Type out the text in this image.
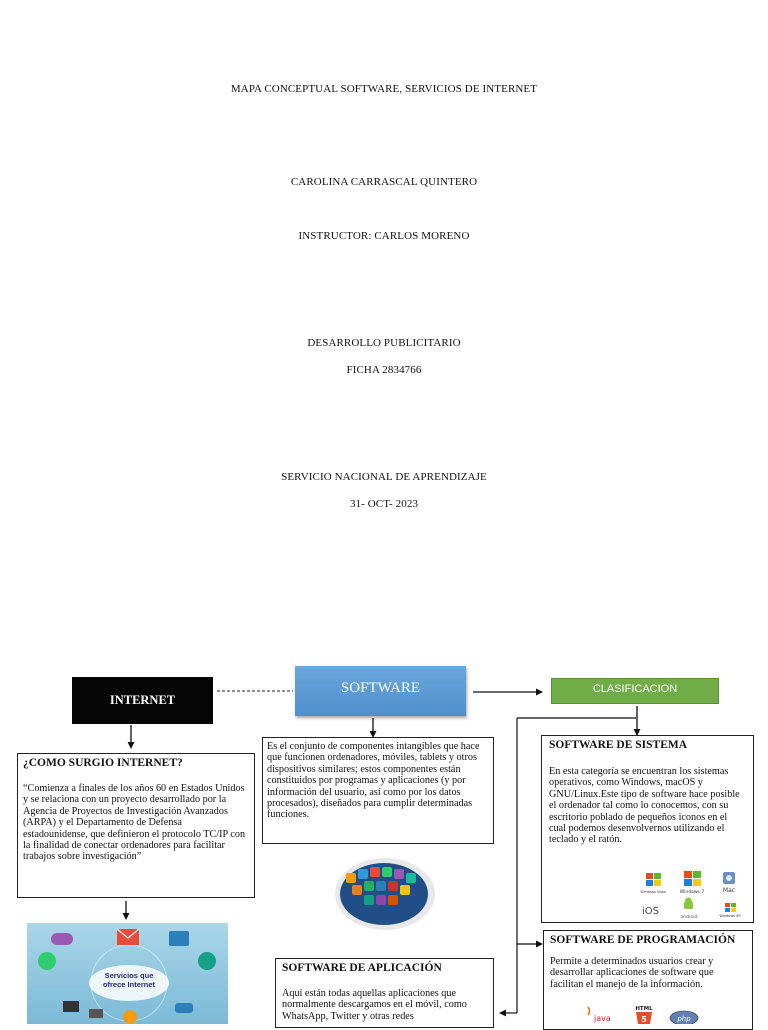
MAPA CONCEPTUAL SOFTWARE, SERVICIOS DE INTERNET
CAROLINA CARRASCAL QUINTERO
INSTRUCTOR: CARLOS MORENO
DESARROLLO PUBLICITARIO
FICHA 2834766
SERVICIO NACIONAL DE APRENDIZAJE
31- OCT- 2023
INTERNET
SOFTWARE	CLASIFICACION
¿COMO SURGIO INTERNET?
“Comienza a finales de los años 60 en Estados Unidos y se relaciona con un proyecto desarrollado por la Agencia de Proyectos de Investigación Avanzados (ARPA) y el Departamento de Defensa estadounidense, que definieron el protocolo TC/IP con la finalidad de conectar ordenadores para facilitar trabajos sobre investigación”
Es el conjunto de componentes intangibles que hace que funcionen ordenadores, móviles, tablets y otros dispositivos similares; estos componentes están constituidos por programas y aplicaciones (y por información del usuario, así como por los datos procesados), diseñados para cumplir determinadas funciones.
SOFTWARE DE SISTEMA
En esta categoría se encuentran los sistemas operativos, como Windows, macOS y GNU/Linux.Este tipo de software hace posible el ordenador tal como lo conocemos, con su escritorio poblado de pequeños iconos en el cual podemos desenvolvernos utilizando el teclado y el ratón.
Windows Vista	Windows 7	Mac
iOS
android	Windows XP
Servicios que
ofrece Internet
SOFTWARE DE APLICACIÓN
Aquí están todas aquellas aplicaciones que normalmente descargamos en el móvil, como WhatsApp, Twitter y otras redes
SOFTWARE DE PROGRAMACIÓN
Permite a determinados usuarios crear y desarrollar aplicaciones de software que facilitan el manejo de la información.
java
HTML
5	php
